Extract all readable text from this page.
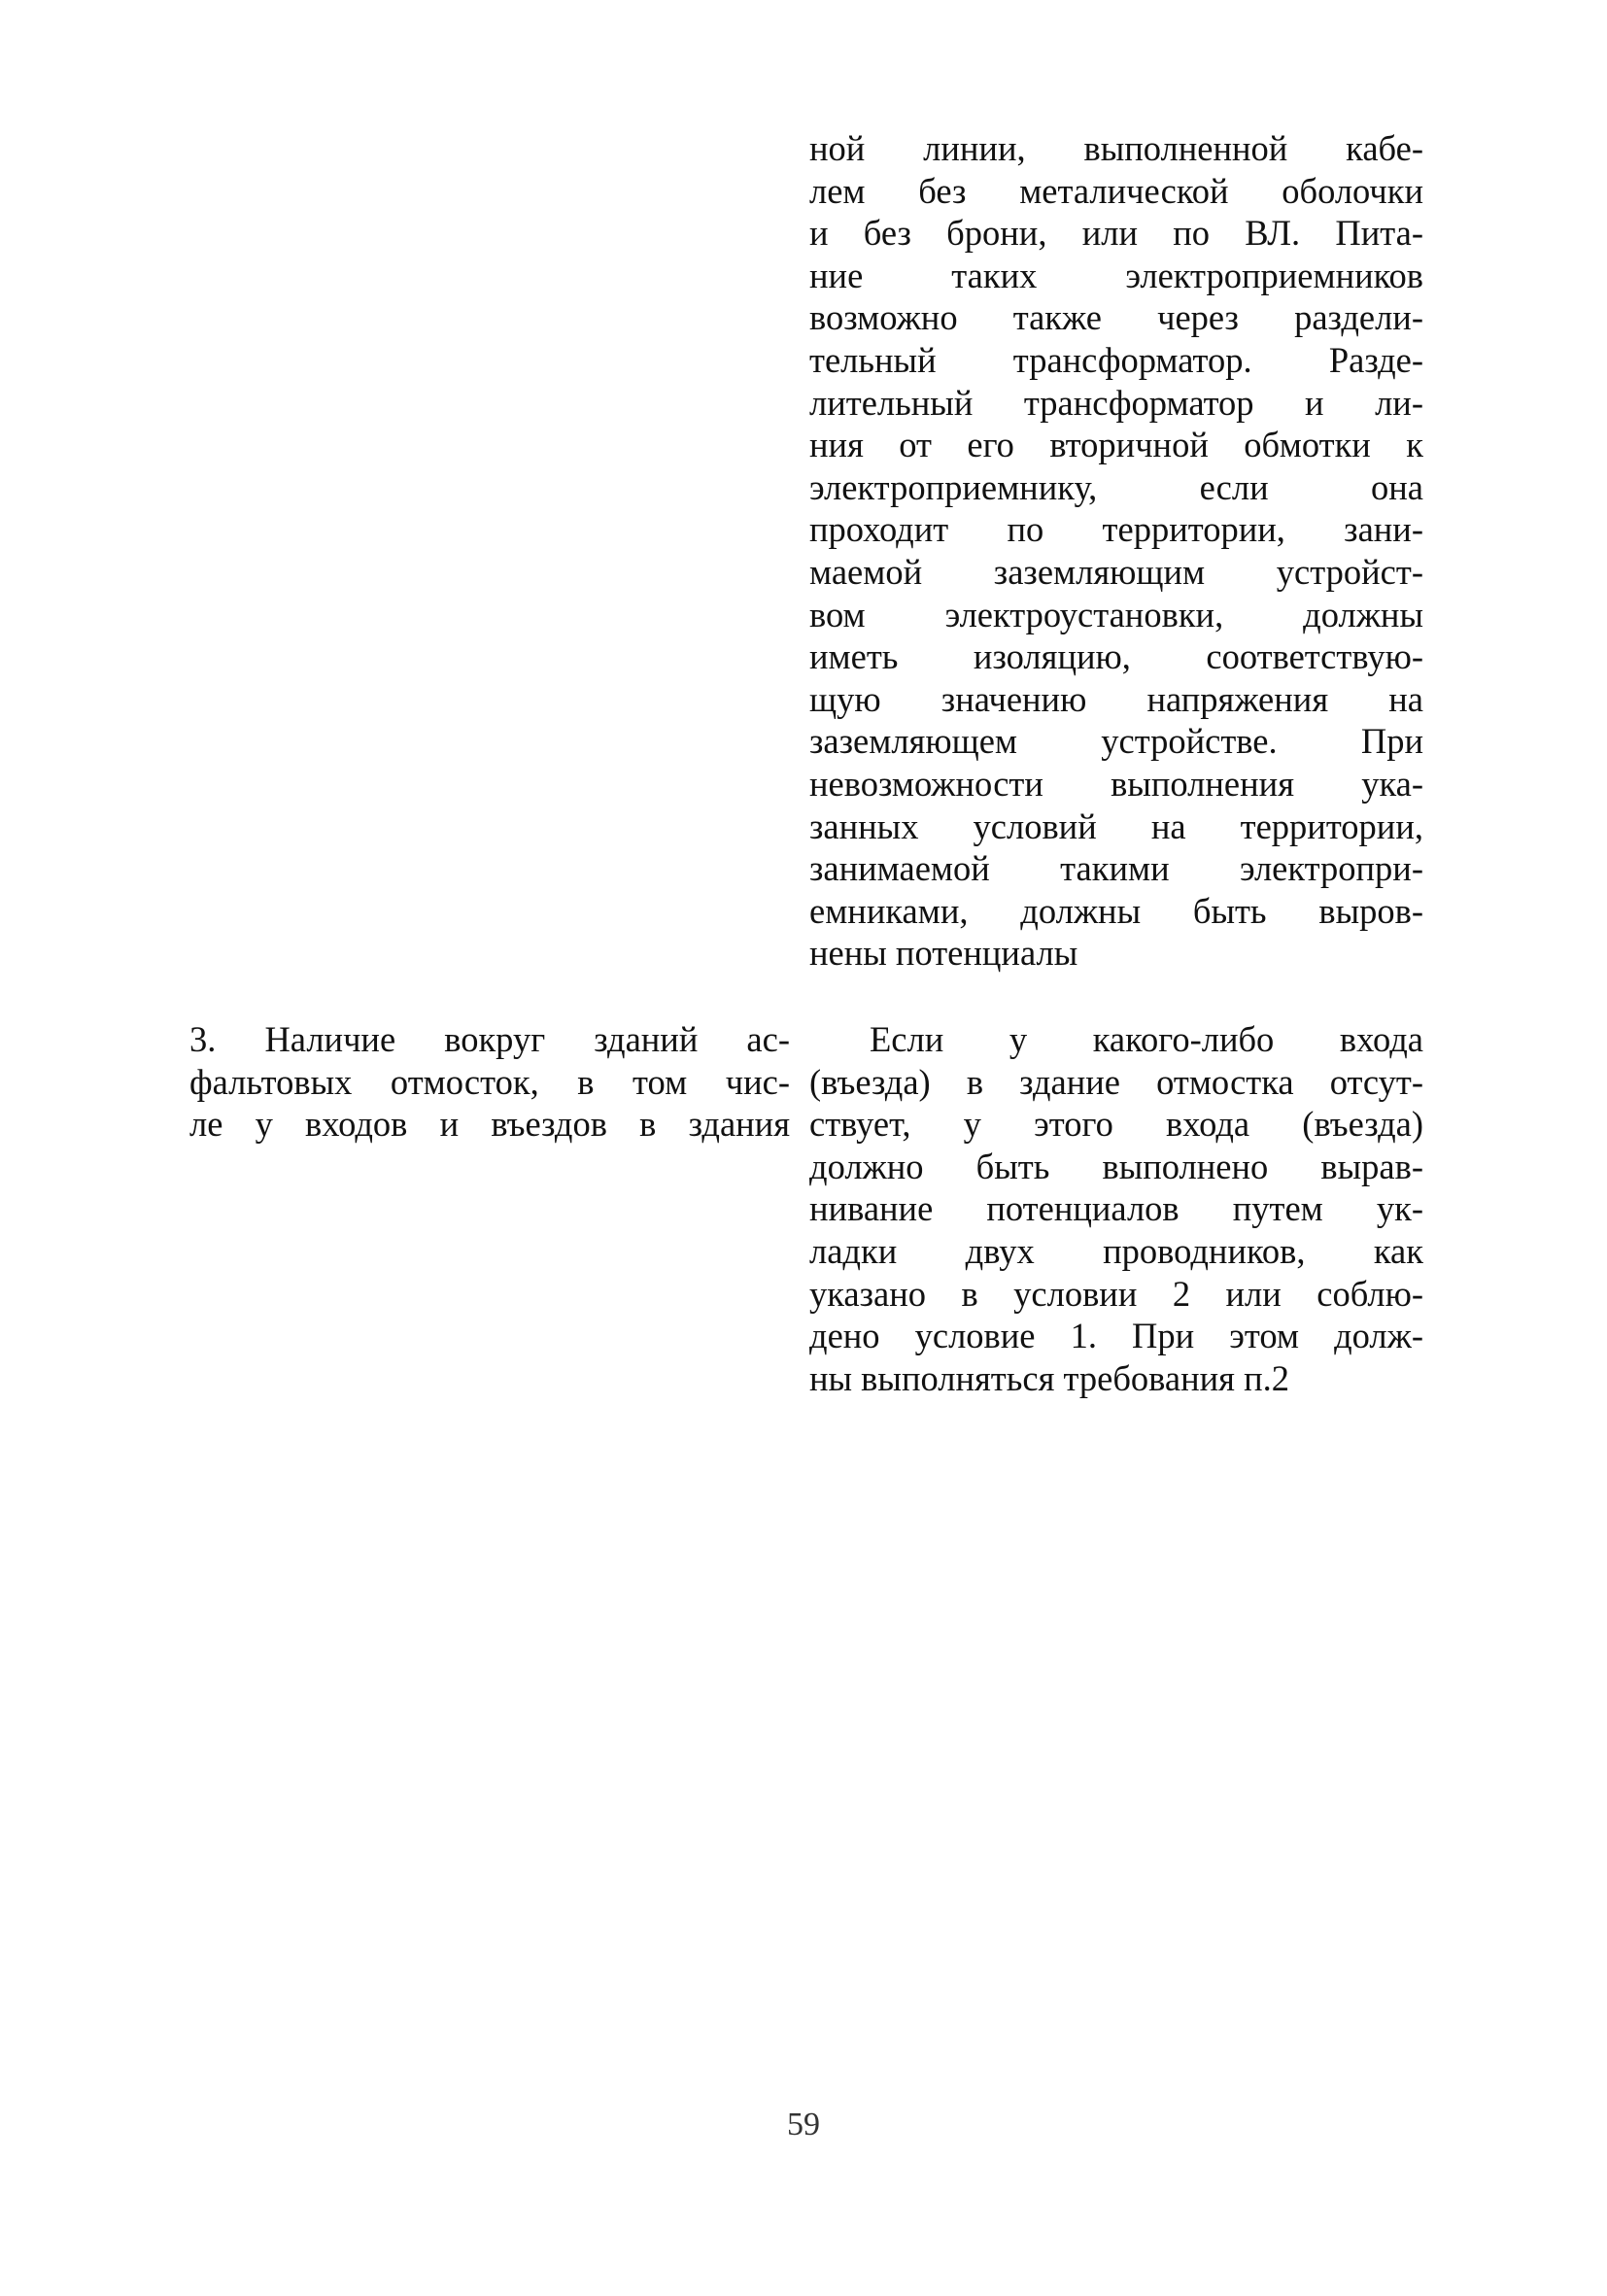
ной линии, выполненной кабе-
лем без металической оболочки
и без брони, или по ВЛ. Пита-
ние таких электроприемников
возможно также через раздели-
тельный трансформатор. Разде-
лительный трансформатор и ли-
ния от его вторичной обмотки к
электроприемнику, если она
проходит по территории, зани-
маемой заземляющим устройст-
вом электроустановки, должны
иметь изоляцию, соответствую-
щую значению напряжения на
заземляющем устройстве. При
невозможности выполнения ука-
занных условий на территории,
занимаемой такими электропри-
емниками, должны быть выров-
нены потенциалы
3. Наличие вокруг зданий ас-
фальтовых отмосток, в том чис-
ле у входов и въездов в здания
Если у какого-либо входа
(въезда) в здание отмостка отсут-
ствует, у этого входа (въезда)
должно быть выполнено вырав-
нивание потенциалов путем ук-
ладки двух проводников, как
указано в условии 2 или соблю-
дено условие 1. При этом долж-
ны выполняться требования п.2
59
